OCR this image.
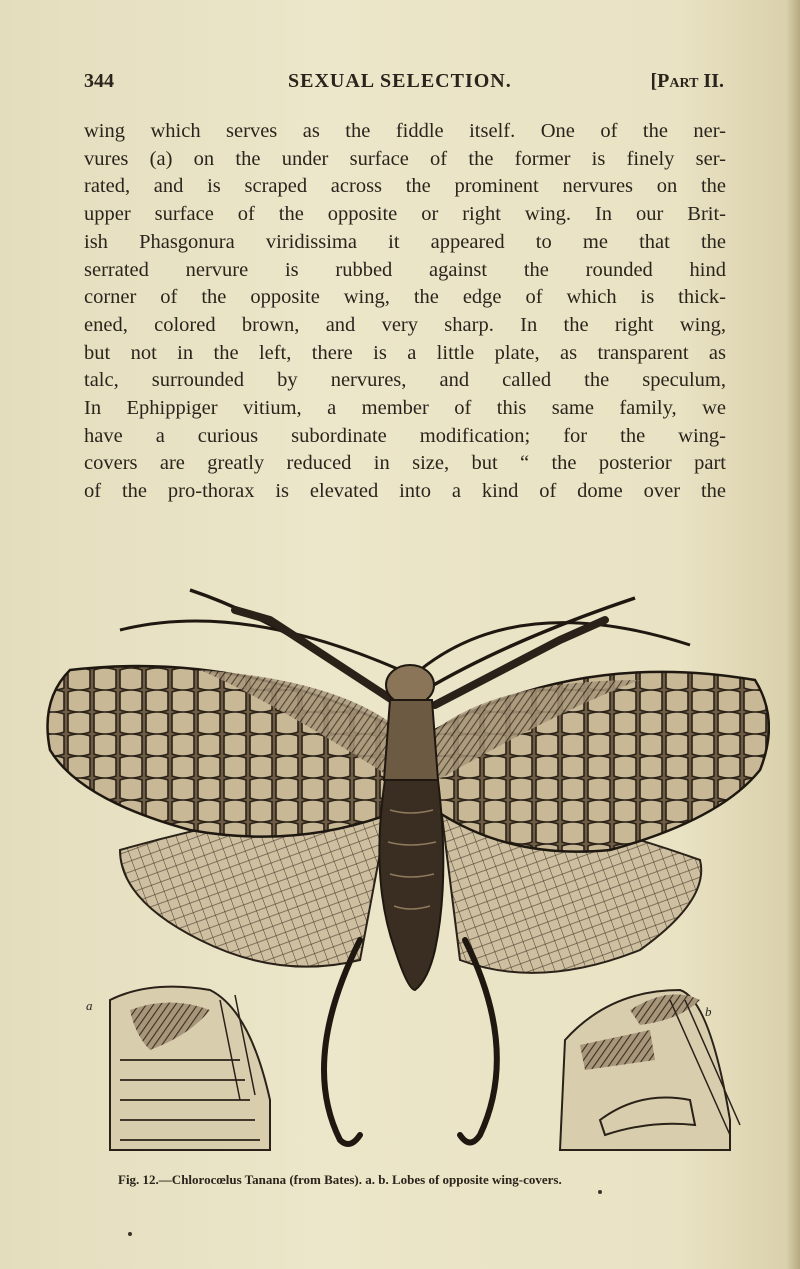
344	SEXUAL SELECTION.	[Part II.
wing which serves as the fiddle itself. One of the ner-
vures (a) on the under surface of the former is finely ser-
rated, and is scraped across the prominent nervures on the
upper surface of the opposite or right wing. In our Brit-
ish Phasgonura viridissima it appeared to me that the
serrated nervure is rubbed against the rounded hind
corner of the opposite wing, the edge of which is thick-
ened, colored brown, and very sharp. In the right wing,
but not in the left, there is a little plate, as transparent as
talc, surrounded by nervures, and called the speculum,
In Ephippiger vitium, a member of this same family, we
have a curious subordinate modification; for the wing-
covers are greatly reduced in size, but “ the posterior part
of the pro-thorax is elevated into a kind of dome over the
a	b
Fig. 12.—Chlorocœlus Tanana (from Bates). a. b. Lobes of opposite wing-covers.
